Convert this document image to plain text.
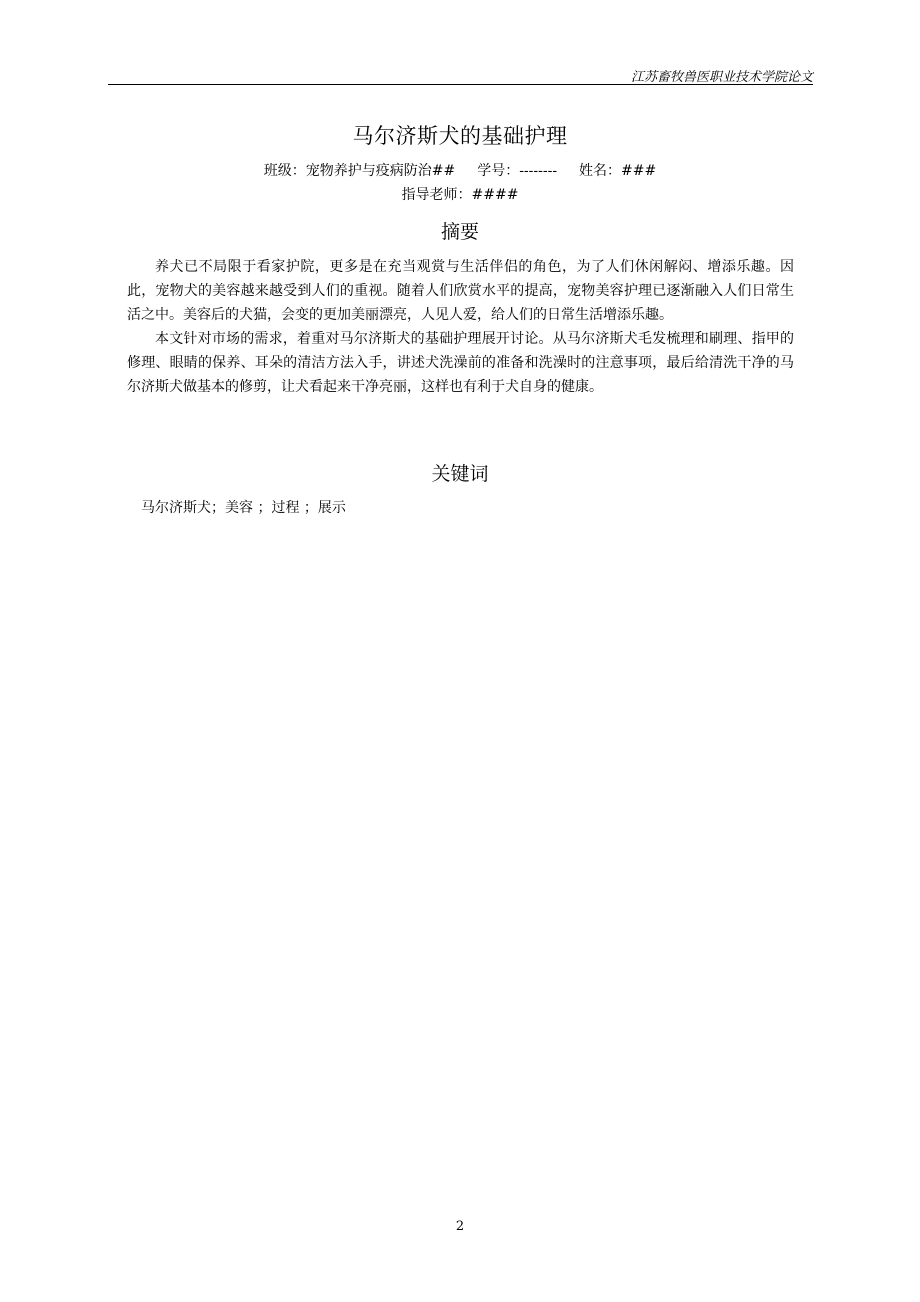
江苏畜牧兽医职业技术学院论文
马尔济斯犬的基础护理
班级：宠物养护与疫病防治## 学号：-------- 姓名：###
指导老师：####
摘要

养犬已不局限于看家护院，更多是在充当观赏与生活伴侣的角色，为了人们休闲解闷、增添乐趣。因此，宠物犬的美容越来越受到人们的重视。随着人们欣赏水平的提高，宠物美容护理已逐渐融入人们日常生活之中。美容后的犬猫，会变的更加美丽漂亮，人见人爱，给人们的日常生活增添乐趣。

本文针对市场的需求，着重对马尔济斯犬的基础护理展开讨论。从马尔济斯犬毛发梳理和刷理、指甲的修理、眼睛的保养、耳朵的清洁方法入手，讲述犬洗澡前的准备和洗澡时的注意事项，最后给清洗干净的马尔济斯犬做基本的修剪，让犬看起来干净亮丽，这样也有利于犬自身的健康。

关键词
马尔济斯犬；美容 ；过程 ；展示
2
